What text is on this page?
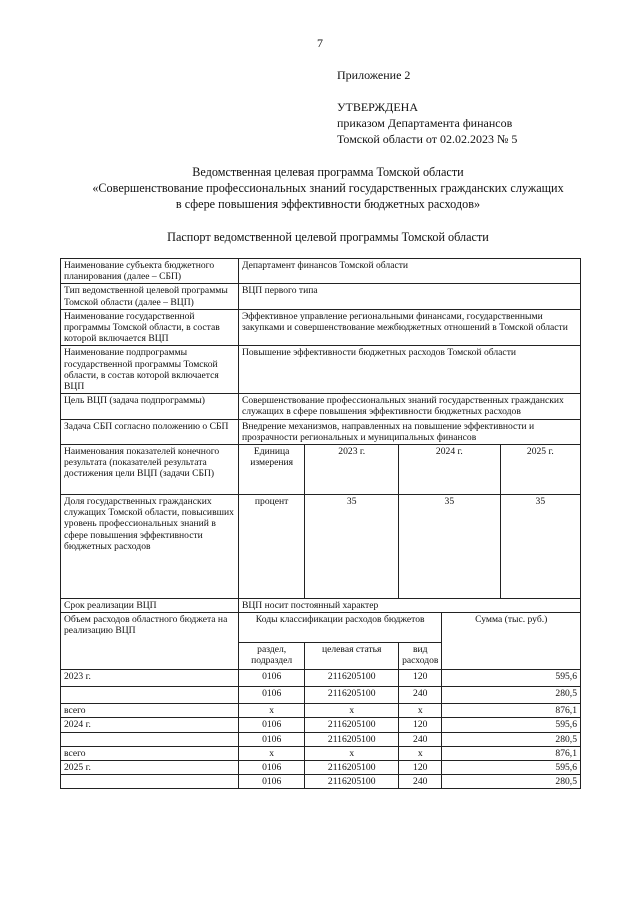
7
Приложение 2
УТВЕРЖДЕНА
приказом Департамента финансов
Томской области от 02.02.2023 № 5
Ведомственная целевая программа Томской области
«Совершенствование профессиональных знаний государственных гражданских служащих
в сфере повышения эффективности бюджетных расходов»
Паспорт ведомственной целевой программы Томской области
Наименование субъекта бюджетного планирования (далее – СБП)	Департамент финансов Томской области				
Тип ведомственной целевой программы Томской области (далее – ВЦП)	ВЦП первого типа				
Наименование государственной программы Томской области, в состав которой включается ВЦП	Эффективное управление региональными финансами, государственными закупками и совершенствование межбюджетных отношений в Томской области				
Наименование подпрограммы государственной программы Томской области, в состав которой включается ВЦП	Повышение эффективности бюджетных расходов Томской области				
Цель ВЦП (задача подпрограммы)	Совершенствование профессиональных знаний государственных гражданских служащих в сфере повышения эффективности бюджетных расходов				
Задача СБП согласно положению о СБП	Внедрение механизмов, направленных на повышение эффективности и прозрачности региональных и муниципальных финансов				
Наименования показателей конечного результата (показателей результата достижения цели ВЦП (задачи СБП)	Единица измерения	2023 г.	2024 г.		2025 г.
Доля государственных гражданских служащих Томской области, повысивших уровень профессиональных знаний в сфере повышения эффективности бюджетных расходов	процент	35	35		35
Срок реализации ВЦП	ВЦП носит постоянный характер				
Объем расходов областного бюджета на реализацию ВЦП	Коды классификации расходов бюджетов			Сумма (тыс. руб.)	
	раздел, подраздел	целевая статья	вид расходов		
2023 г.	0106	2116205100	120	595,6	
	0106	2116205100	240	280,5	
всего	х	х	х	876,1	
2024 г.	0106	2116205100	120	595,6	
	0106	2116205100	240	280,5	
всего	х	х	х	876,1	
2025 г.	0106	2116205100	120	595,6	
	0106	2116205100	240	280,5	
